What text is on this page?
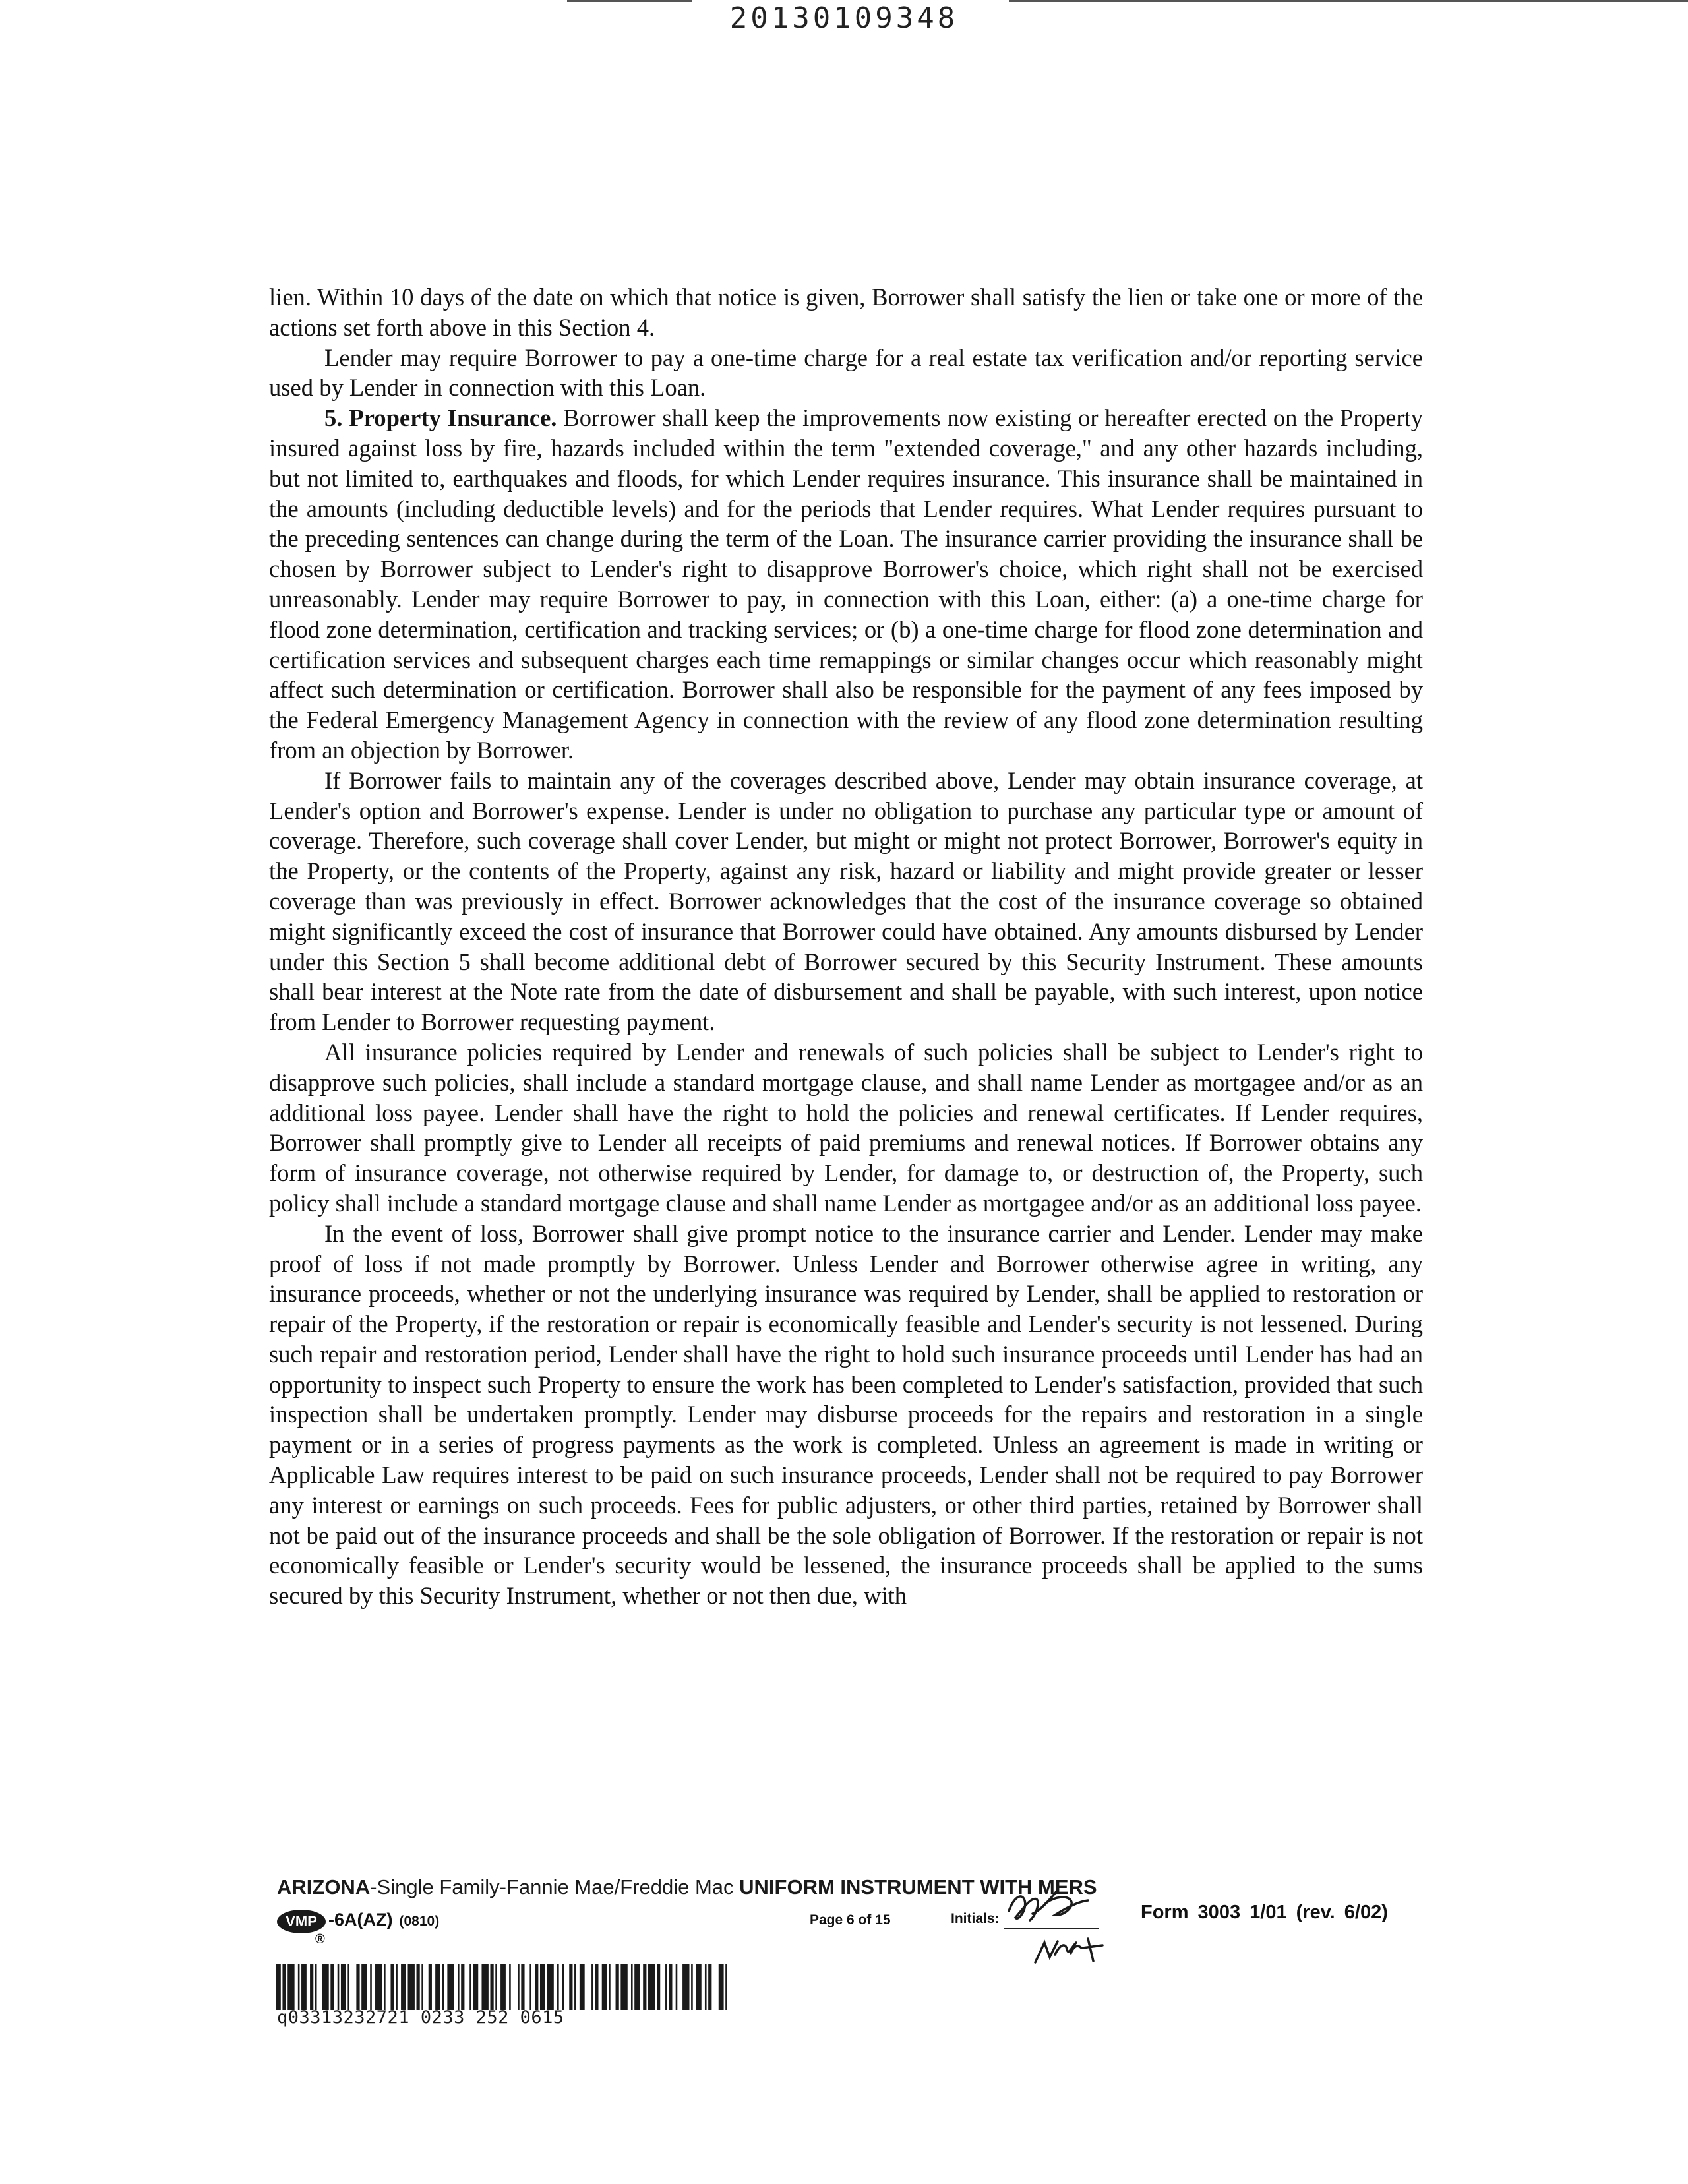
20130109348

lien. Within 10 days of the date on which that notice is given, Borrower shall satisfy the lien or take one or more of the actions set forth above in this Section 4.

Lender may require Borrower to pay a one-time charge for a real estate tax verification and/or reporting service used by Lender in connection with this Loan.

5. Property Insurance. Borrower shall keep the improvements now existing or hereafter erected on the Property insured against loss by fire, hazards included within the term "extended coverage," and any other hazards including, but not limited to, earthquakes and floods, for which Lender requires insurance. This insurance shall be maintained in the amounts (including deductible levels) and for the periods that Lender requires. What Lender requires pursuant to the preceding sentences can change during the term of the Loan. The insurance carrier providing the insurance shall be chosen by Borrower subject to Lender's right to disapprove Borrower's choice, which right shall not be exercised unreasonably. Lender may require Borrower to pay, in connection with this Loan, either: (a) a one-time charge for flood zone determination, certification and tracking services; or (b) a one-time charge for flood zone determination and certification services and subsequent charges each time remappings or similar changes occur which reasonably might affect such determination or certification. Borrower shall also be responsible for the payment of any fees imposed by the Federal Emergency Management Agency in connection with the review of any flood zone determination resulting from an objection by Borrower.

If Borrower fails to maintain any of the coverages described above, Lender may obtain insurance coverage, at Lender's option and Borrower's expense. Lender is under no obligation to purchase any particular type or amount of coverage. Therefore, such coverage shall cover Lender, but might or might not protect Borrower, Borrower's equity in the Property, or the contents of the Property, against any risk, hazard or liability and might provide greater or lesser coverage than was previously in effect. Borrower acknowledges that the cost of the insurance coverage so obtained might significantly exceed the cost of insurance that Borrower could have obtained. Any amounts disbursed by Lender under this Section 5 shall become additional debt of Borrower secured by this Security Instrument. These amounts shall bear interest at the Note rate from the date of disbursement and shall be payable, with such interest, upon notice from Lender to Borrower requesting payment.

All insurance policies required by Lender and renewals of such policies shall be subject to Lender's right to disapprove such policies, shall include a standard mortgage clause, and shall name Lender as mortgagee and/or as an additional loss payee. Lender shall have the right to hold the policies and renewal certificates. If Lender requires, Borrower shall promptly give to Lender all receipts of paid premiums and renewal notices. If Borrower obtains any form of insurance coverage, not otherwise required by Lender, for damage to, or destruction of, the Property, such policy shall include a standard mortgage clause and shall name Lender as mortgagee and/or as an additional loss payee.

In the event of loss, Borrower shall give prompt notice to the insurance carrier and Lender. Lender may make proof of loss if not made promptly by Borrower. Unless Lender and Borrower otherwise agree in writing, any insurance proceeds, whether or not the underlying insurance was required by Lender, shall be applied to restoration or repair of the Property, if the restoration or repair is economically feasible and Lender's security is not lessened. During such repair and restoration period, Lender shall have the right to hold such insurance proceeds until Lender has had an opportunity to inspect such Property to ensure the work has been completed to Lender's satisfaction, provided that such inspection shall be undertaken promptly. Lender may disburse proceeds for the repairs and restoration in a single payment or in a series of progress payments as the work is completed. Unless an agreement is made in writing or Applicable Law requires interest to be paid on such insurance proceeds, Lender shall not be required to pay Borrower any interest or earnings on such proceeds. Fees for public adjusters, or other third parties, retained by Borrower shall not be paid out of the insurance proceeds and shall be the sole obligation of Borrower. If the restoration or repair is not economically feasible or Lender's security would be lessened, the insurance proceeds shall be applied to the sums secured by this Security Instrument, whether or not then due, with

ARIZONA-Single Family-Fannie Mae/Freddie Mac UNIFORM INSTRUMENT WITH MERS
VMP
®
-6A(AZ) (0810)	Page 6 of 15	Initials:	Form 3003 1/01 (rev. 6/02)
q03313232721 0233 252 0615
